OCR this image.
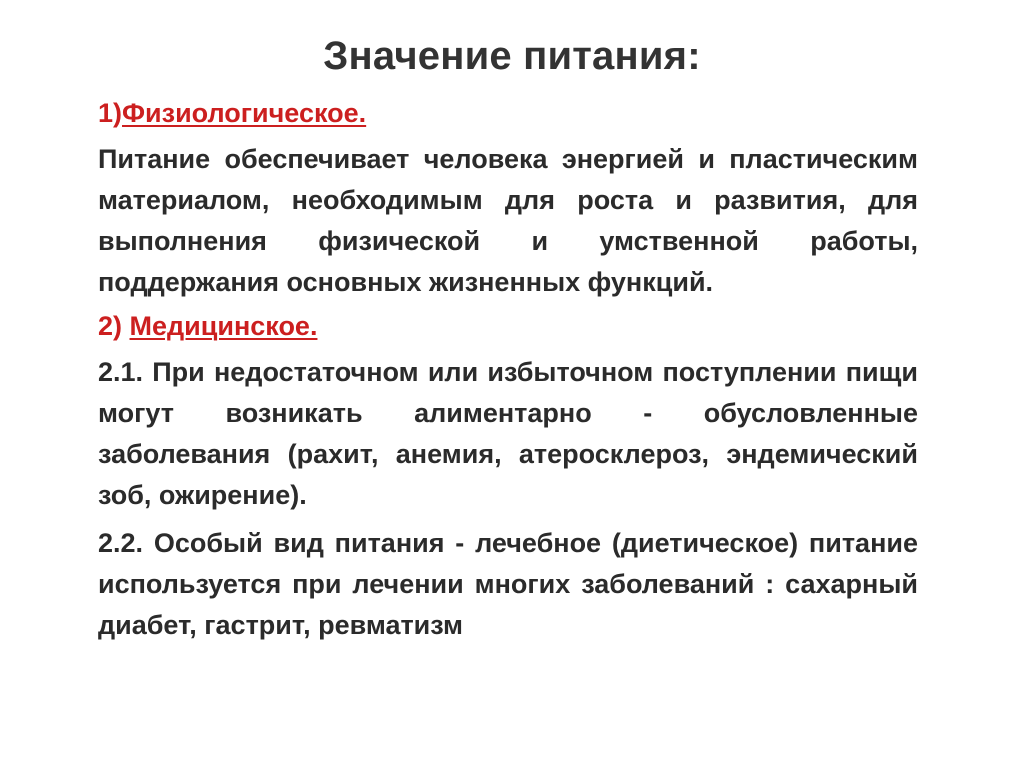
Значение питания:

1)Физиологическое.

Питание обеспечивает человека энергией и пластическим материалом, необходимым для роста и развития, для выполнения физической и умственной работы, поддержания основных жизненных функций.

2) Медицинское.

2.1. При недостаточном или избыточном поступлении пищи могут возникать алиментарно - обусловленные заболевания (рахит, анемия, атеросклероз, эндемический зоб, ожирение).

2.2. Особый вид питания - лечебное (диетическое) питание используется при лечении многих заболеваний : сахарный диабет, гастрит, ревматизм
